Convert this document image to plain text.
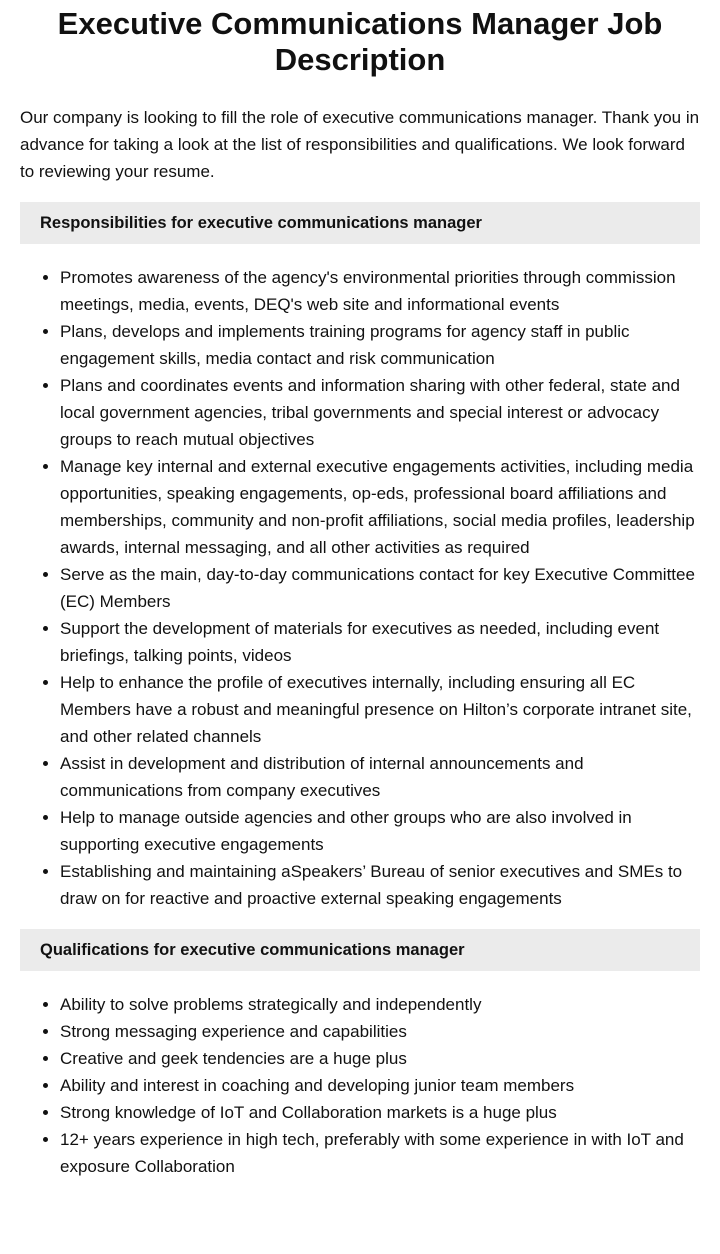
Executive Communications Manager Job Description

Our company is looking to fill the role of executive communications manager. Thank you in advance for taking a look at the list of responsibilities and qualifications. We look forward to reviewing your resume.

Responsibilities for executive communications manager
• Promotes awareness of the agency's environmental priorities through commission meetings, media, events, DEQ's web site and informational events
• Plans, develops and implements training programs for agency staff in public engagement skills, media contact and risk communication
• Plans and coordinates events and information sharing with other federal, state and local government agencies, tribal governments and special interest or advocacy groups to reach mutual objectives
• Manage key internal and external executive engagements activities, including media opportunities, speaking engagements, op-eds, professional board affiliations and memberships, community and non-profit affiliations, social media profiles, leadership awards, internal messaging, and all other activities as required
• Serve as the main, day-to-day communications contact for key Executive Committee (EC) Members
• Support the development of materials for executives as needed, including event briefings, talking points, videos
• Help to enhance the profile of executives internally, including ensuring all EC Members have a robust and meaningful presence on Hilton’s corporate intranet site, and other related channels
• Assist in development and distribution of internal announcements and communications from company executives
• Help to manage outside agencies and other groups who are also involved in supporting executive engagements
• Establishing and maintaining aSpeakers’ Bureau of senior executives and SMEs to draw on for reactive and proactive external speaking engagements
Qualifications for executive communications manager
• Ability to solve problems strategically and independently
• Strong messaging experience and capabilities
• Creative and geek tendencies are a huge plus
• Ability and interest in coaching and developing junior team members
• Strong knowledge of IoT and Collaboration markets is a huge plus
• 12+ years experience in high tech, preferably with some experience in with IoT and exposure Collaboration
